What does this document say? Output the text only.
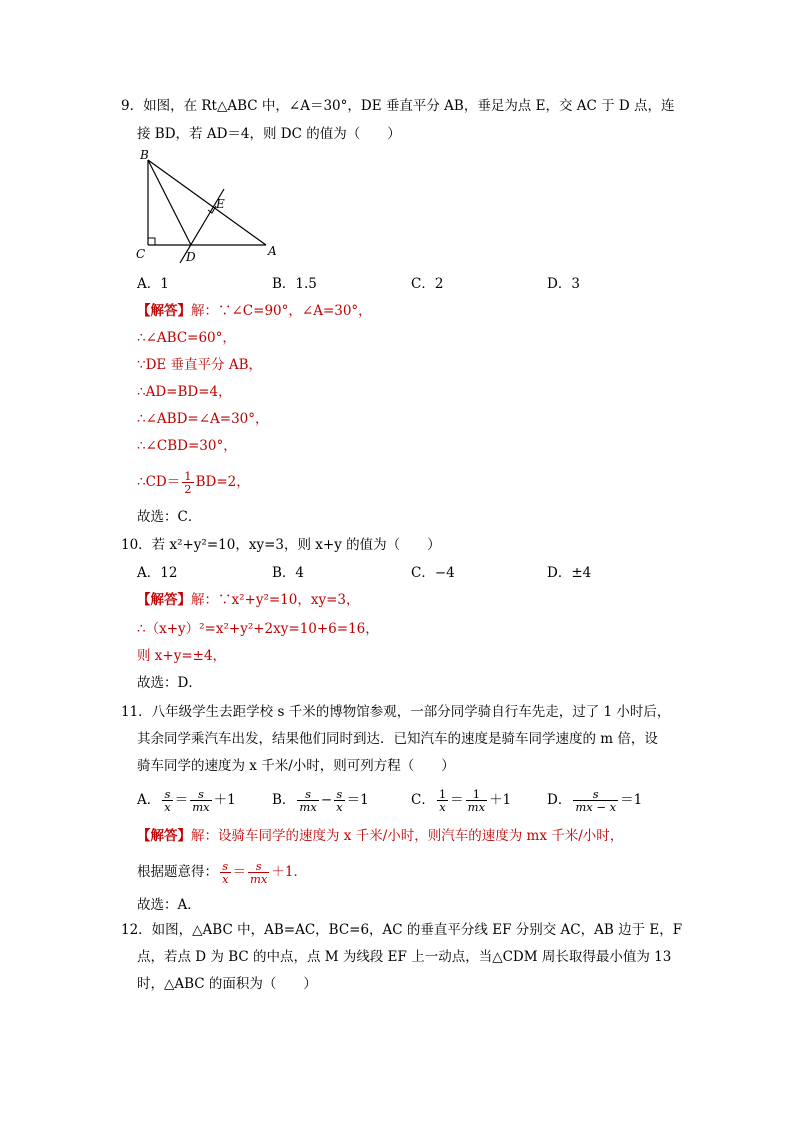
9．如图，在 Rt△ABC 中，∠A＝30°，DE 垂直平分 AB，垂足为点 E，交 AC 于 D 点，连
接 BD，若 AD＝4，则 DC 的值为（　　）
B
C	D
E
A
A．1	B．1.5	C．2	D．3
【解答】解：∵∠C=90°，∠A=30°，
∴∠ABC=60°，
∵DE 垂直平分 AB，
∴AD=BD=4，
∴∠ABD=∠A=30°，
∴∠CBD=30°，
∴CD＝ $\frac{1}{2} BD=2$，
故选：C．
10．若 x²+y²=10，xy=3，则 x+y 的值为（　　）
A．12	B．4	C．−4	D．±4
【解答】解：∵x²+y²=10，xy=3，
∴（x+y）²=x²+y²+2xy=10+6=16，
则 x+y=±4，
故选：D．
11．八年级学生去距学校 s 千米的博物馆参观，一部分同学骑自行车先走，过了 1 小时后，
其余同学乘汽车出发，结果他们同时到达．已知汽车的速度是骑车同学速度的 m 倍，设
骑车同学的速度为 x 千米/小时，则可列方程（　　）
A． $\frac{s}{x} = \frac{s}{mx} +1$	B． $\frac{s}{mx} - \frac{s}{x} =1$	C． $\frac{1}{x} = \frac{1}{mx} +1$	D． $\frac{s}{mx - x} =1$
【解答】解：设骑车同学的速度为 x 千米/小时，则汽车的速度为 mx 千米/小时，
根据题意得： $\frac{s}{x} = \frac{s}{mx} +1$．
故选：A．
12．如图，△ABC 中，AB=AC，BC=6，AC 的垂直平分线 EF 分别交 AC，AB 边于 E，F
点，若点 D 为 BC 的中点，点 M 为线段 EF 上一动点，当△CDM 周长取得最小值为 13
时，△ABC 的面积为（　　）
